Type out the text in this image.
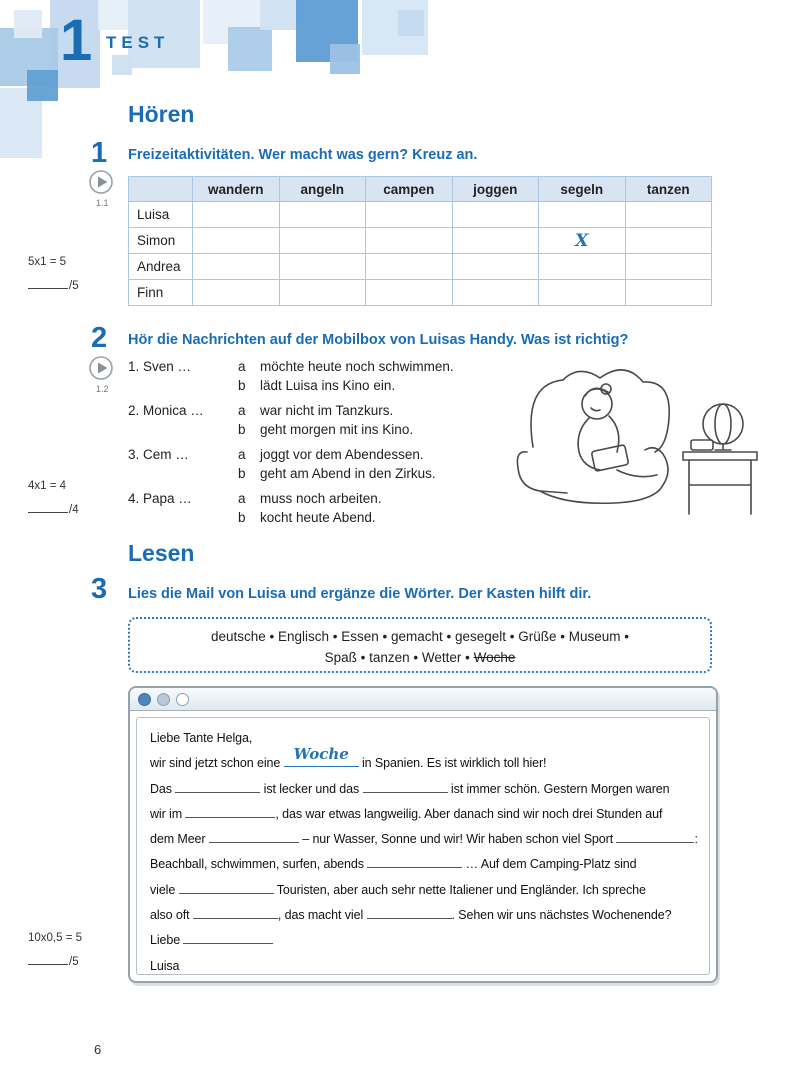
1 TEST
Hören
1 Freizeitaktivitäten. Wer macht was gern? Kreuz an.
1.1
	wandern	angeln	campen	joggen	segeln	tanzen
Luisa						
Simon					X	
Andrea						
Finn						
5x1 = 5
/5
2 Hör die Nachrichten auf der Mobilbox von Luisas Handy. Was ist richtig?
1.2
1. Sven …	a	möchte heute noch schwimmen.
b	lädt Luisa ins Kino ein.
2. Monica …	a	war nicht im Tanzkurs.
b	geht morgen mit ins Kino.
3. Cem …	a	joggt vor dem Abendessen.
b	geht am Abend in den Zirkus.
4. Papa …	a	muss noch arbeiten.
b	kocht heute Abend.
4x1 = 4
/4
Lesen
3 Lies die Mail von Luisa und ergänze die Wörter. Der Kasten hilft dir.
deutsche • Englisch • Essen • gemacht • gesegelt • Grüße • Museum •
Spaß • tanzen • Wetter • Woche
Liebe Tante Helga,
wir sind jetzt schon eine
Woche
in Spanien. Es ist wirklich toll hier!
Das	ist lecker und das	ist immer schön. Gestern Morgen waren
wir im	, das war etwas langweilig. Aber danach sind wir noch drei Stunden auf
dem Meer	– nur Wasser, Sonne und wir! Wir haben schon viel Sport	:
Beachball, schwimmen, surfen, abends	… Auf dem Camping-Platz sind
viele	Touristen, aber auch sehr nette Italiener und Engländer. Ich spreche
also oft	, das macht viel	. Sehen wir uns nächstes Wochenende?
Liebe
Luisa
10x0,5 = 5
/5
6
